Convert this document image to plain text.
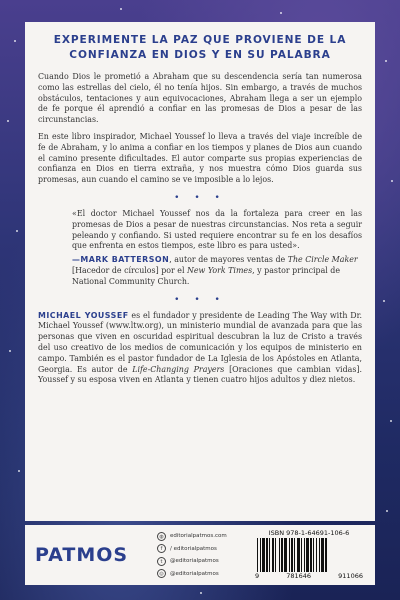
EXPERIMENTE LA PAZ QUE PROVIENE DE LA CONFIANZA EN DIOS Y EN SU PALABRA

Cuando Dios le prometió a Abraham que su descendencia sería tan numerosa como las estrellas del cielo, él no tenía hijos. Sin embargo, a través de muchos obstáculos, tentaciones y aun equivocaciones, Abraham llega a ser un ejemplo de fe porque él aprendió a confiar en las promesas de Dios a pesar de las circunstancias.

En este libro inspirador, Michael Youssef lo lleva a través del viaje increíble de fe de Abraham, y lo anima a confiar en los tiempos y planes de Dios aun cuando el camino presente dificultades. El autor comparte sus propias experiencias de confianza en Dios en tierra extraña, y nos muestra cómo Dios guarda sus promesas, aun cuando el camino se ve imposible a lo lejos.

• • •

«El doctor Michael Youssef nos da la fortaleza para creer en las promesas de Dios a pesar de nuestras circunstancias. Nos reta a seguir peleando y confiando. Si usted requiere encontrar su fe en los desafíos que enfrenta en estos tiempos, este libro es para usted».

—MARK BATTERSON, autor de mayores ventas de The Circle Maker [Hacedor de círculos] por el New York Times, y pastor principal de National Community Church.

• • •

MICHAEL YOUSSEF es el fundador y presidente de Leading The Way with Dr. Michael Youssef (www.ltw.org), un ministerio mundial de avanzada para que las personas que viven en oscuridad espiritual descubran la luz de Cristo a través del uso creativo de los medios de comunicación y los equipos de ministerio en campo. También es el pastor fundador de La Iglesia de los Apóstoles en Atlanta, Georgia. Es autor de Life-Changing Prayers [Oraciones que cambian vidas]. Youssef y su esposa viven en Atlanta y tienen cuatro hijos adultos y diez nietos.

PATMOS
◍	editorialpatmos.com
f	/ editorialpatmos
t	@editorialpatmos
◎	@editorialpatmos
ISBN 978-1-64691-106-6
9	781646	911066
